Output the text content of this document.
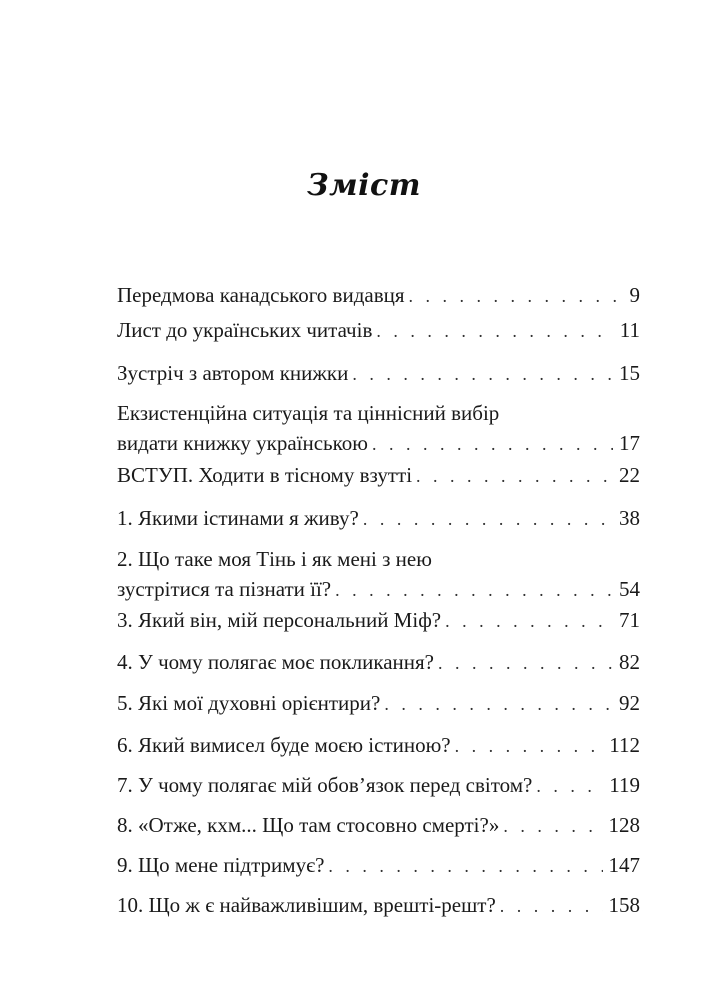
Зміст
Передмова канадського видавця . . .	9
Лист до українських читачів . . .	11
Зустріч з автором книжки . . .	15
Екзистенційна ситуація та ціннісний вибір
видати книжку українською . . .	17
ВСТУП. Ходити в тісному взутті . . .	22
1. Якими істинами я живу? . . .	38
2. Що таке моя Тінь і як мені з нею
зустрітися та пізнати її? . . .	54
3. Який він, мій персональний Міф? . . .	71
4. У чому полягає моє покликання? . . .	82
5. Які мої духовні орієнтири? . . .	92
6. Який вимисел буде моєю істиною? . . .	112
7. У чому полягає мій обов’язок перед світом? . . .	119
8. «Отже, кхм... Що там стосовно смерті?» . . .	128
9. Що мене підтримує? . . .	147
10. Що ж є найважливішим, врешті-решт? . . .	158
